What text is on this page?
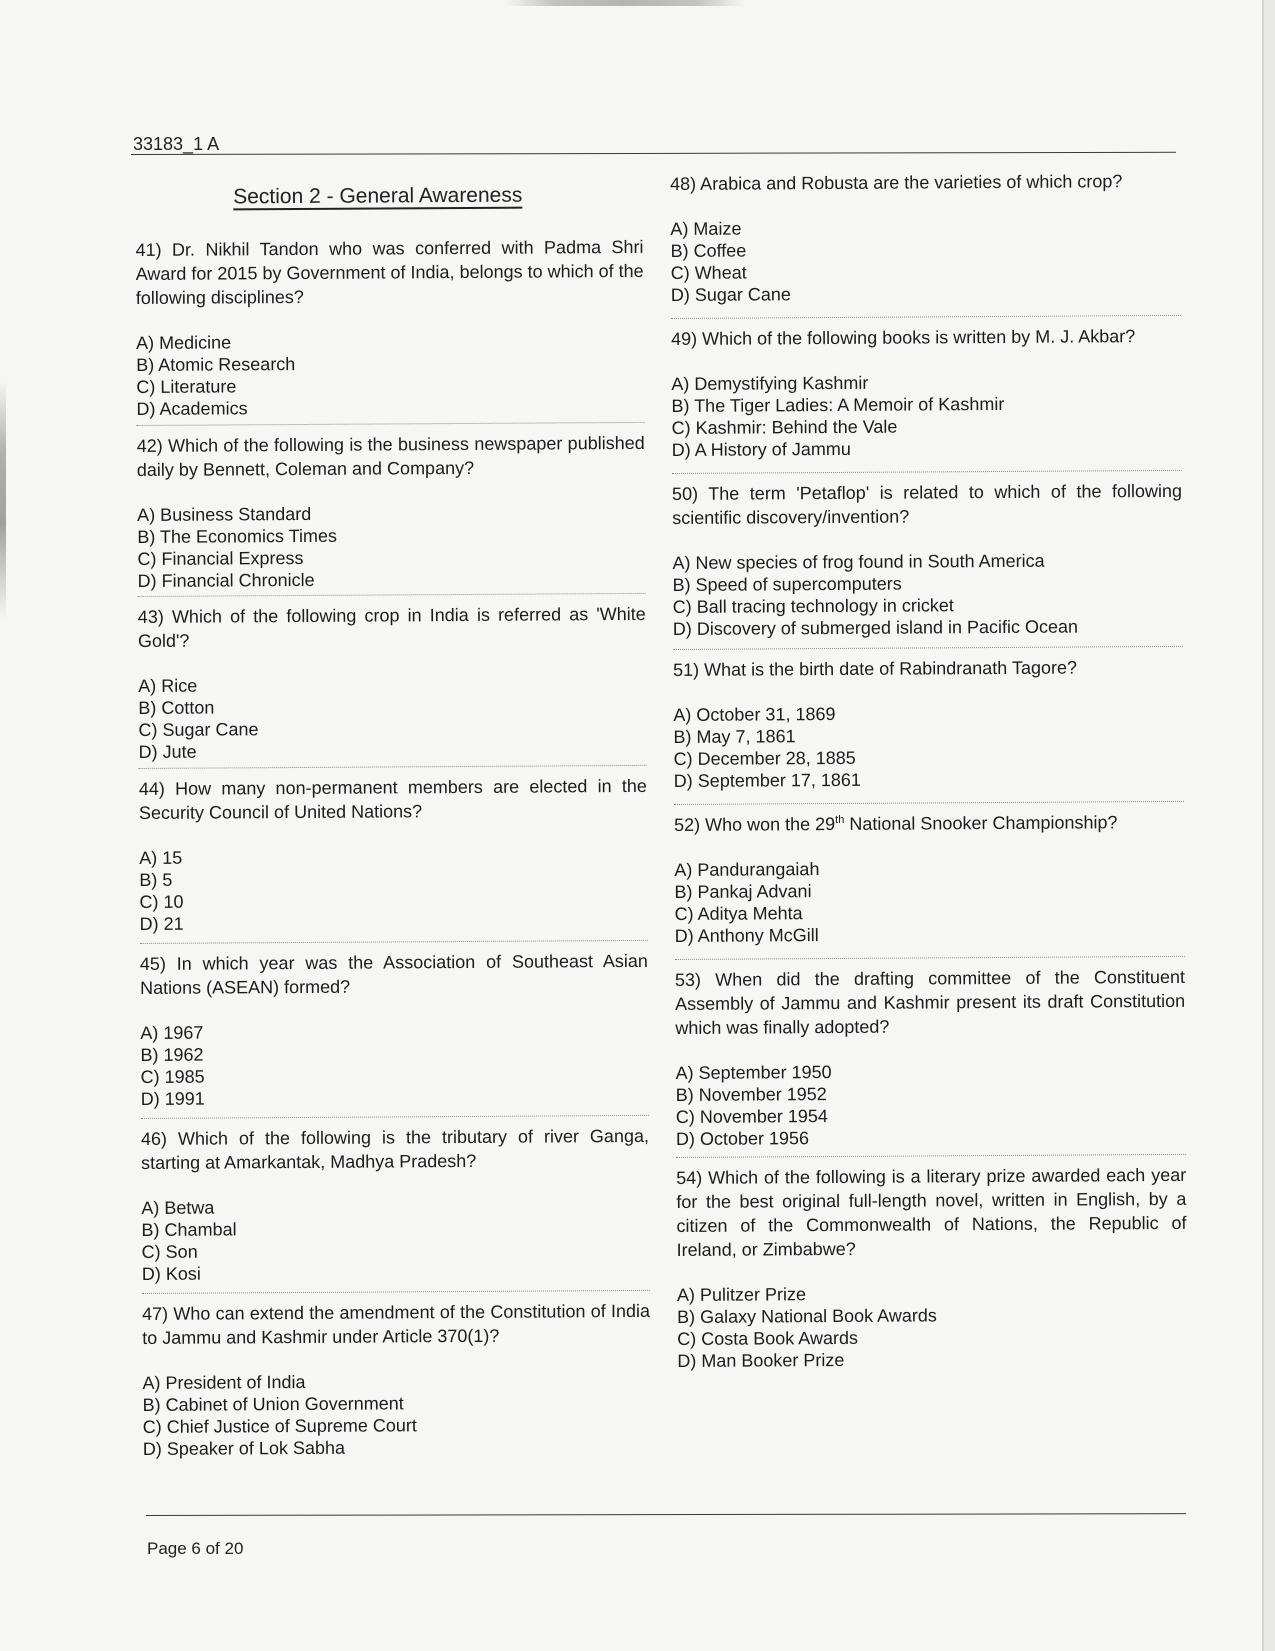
33183_1 A
Section 2 - General Awareness

41) Dr. Nikhil Tandon who was conferred with Padma Shri Award for 2015 by Government of India, belongs to which of the following disciplines?

A) Medicine
B) Atomic Research
C) Literature
D) Academics

42) Which of the following is the business newspaper published daily by Bennett, Coleman and Company?

A) Business Standard
B) The Economics Times
C) Financial Express
D) Financial Chronicle

43) Which of the following crop in India is referred as 'White Gold'?

A) Rice
B) Cotton
C) Sugar Cane
D) Jute

44) How many non-permanent members are elected in the Security Council of United Nations?

A) 15
B) 5
C) 10
D) 21

45) In which year was the Association of Southeast Asian Nations (ASEAN) formed?

A) 1967
B) 1962
C) 1985
D) 1991

46) Which of the following is the tributary of river Ganga, starting at Amarkantak, Madhya Pradesh?

A) Betwa
B) Chambal
C) Son
D) Kosi

47) Who can extend the amendment of the Constitution of India to Jammu and Kashmir under Article 370(1)?

A) President of India
B) Cabinet of Union Government
C) Chief Justice of Supreme Court
D) Speaker of Lok Sabha

48) Arabica and Robusta are the varieties of which crop?

A) Maize
B) Coffee
C) Wheat
D) Sugar Cane

49) Which of the following books is written by M. J. Akbar?

A) Demystifying Kashmir
B) The Tiger Ladies: A Memoir of Kashmir
C) Kashmir: Behind the Vale
D) A History of Jammu

50) The term 'Petaflop' is related to which of the following scientific discovery/invention?

A) New species of frog found in South America
B) Speed of supercomputers
C) Ball tracing technology in cricket
D) Discovery of submerged island in Pacific Ocean

51) What is the birth date of Rabindranath Tagore?

A) October 31, 1869
B) May 7, 1861
C) December 28, 1885
D) September 17, 1861

52) Who won the 29th National Snooker Championship?

A) Pandurangaiah
B) Pankaj Advani
C) Aditya Mehta
D) Anthony McGill

53) When did the drafting committee of the Constituent Assembly of Jammu and Kashmir present its draft Constitution which was finally adopted?

A) September 1950
B) November 1952
C) November 1954
D) October 1956

54) Which of the following is a literary prize awarded each year for the best original full-length novel, written in English, by a citizen of the Commonwealth of Nations, the Republic of Ireland, or Zimbabwe?

A) Pulitzer Prize
B) Galaxy National Book Awards
C) Costa Book Awards
D) Man Booker Prize
Page 6 of 20
